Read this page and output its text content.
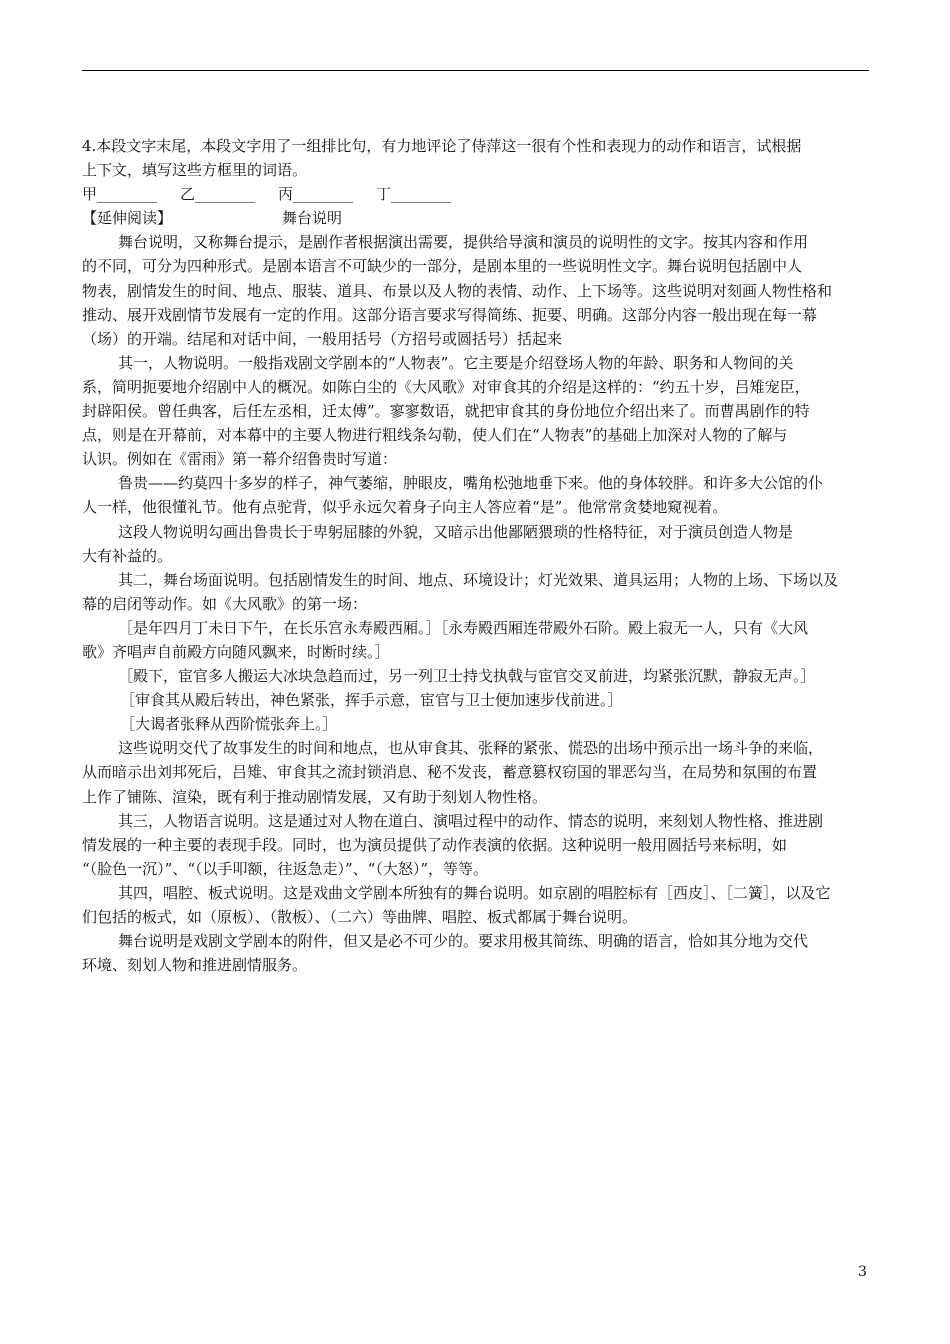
4.本段文字末尾，本段文字用了一组排比句，有力地评论了侍萍这一很有个性和表现力的动作和语言，试根据
上下文，填写这些方框里的词语。
甲________ 乙________ 丙________ 丁________
【延伸阅读】	舞台说明
舞台说明，又称舞台提示，是剧作者根据演出需要，提供给导演和演员的说明性的文字。按其内容和作用
的不同，可分为四种形式。是剧本语言不可缺少的一部分，是剧本里的一些说明性文字。舞台说明包括剧中人
物表，剧情发生的时间、地点、服装、道具、布景以及人物的表情、动作、上下场等。这些说明对刻画人物性格和
推动、展开戏剧情节发展有一定的作用。这部分语言要求写得简练、扼要、明确。这部分内容一般出现在每一幕
（场）的开端。结尾和对话中间，一般用括号（方招号或圆括号）括起来
其一，人物说明。一般指戏剧文学剧本的“人物表”。它主要是介绍登场人物的年龄、职务和人物间的关
系，简明扼要地介绍剧中人的概况。如陈白尘的《大风歌》对审食其的介绍是这样的：“约五十岁，吕雉宠臣，
封辟阳侯。曾任典客，后任左丞相，迁太傅”。寥寥数语，就把审食其的身份地位介绍出来了。而曹禺剧作的特
点，则是在开幕前，对本幕中的主要人物进行粗线条勾勒，使人们在“人物表”的基础上加深对人物的了解与
认识。例如在《雷雨》第一幕介绍鲁贵时写道：
鲁贵——约莫四十多岁的样子，神气萎缩，肿眼皮，嘴角松弛地垂下来。他的身体较胖。和许多大公馆的仆
人一样，他很懂礼节。他有点驼背，似乎永远欠着身子向主人答应着“是”。他常常贪婪地窥视着。
这段人物说明勾画出鲁贵长于卑躬屈膝的外貌，又暗示出他鄙陋猥琐的性格特征，对于演员创造人物是
大有补益的。
其二，舞台场面说明。包括剧情发生的时间、地点、环境设计；灯光效果、道具运用；人物的上场、下场以及
幕的启闭等动作。如《大风歌》的第一场：
［是年四月丁未日下午，在长乐宫永寿殿西厢。］［永寿殿西厢连带殿外石阶。殿上寂无一人，只有《大风
歌》齐唱声自前殿方向随风飘来，时断时续。］
［殿下，宦官多人搬运大冰块急趋而过，另一列卫士持戈执戟与宦官交叉前进，均紧张沉默，静寂无声。］
［审食其从殿后转出，神色紧张，挥手示意，宦官与卫士便加速步伐前进。］
［大谒者张释从西阶慌张奔上。］
这些说明交代了故事发生的时间和地点，也从审食其、张释的紧张、慌恐的出场中预示出一场斗争的来临，
从而暗示出刘邦死后，吕雉、审食其之流封锁消息、秘不发丧，蓄意篡权窃国的罪恶勾当，在局势和氛围的布置
上作了铺陈、渲染，既有利于推动剧情发展，又有助于刻划人物性格。
其三，人物语言说明。这是通过对人物在道白、演唱过程中的动作、情态的说明，来刻划人物性格、推进剧
情发展的一种主要的表现手段。同时，也为演员提供了动作表演的依据。这种说明一般用圆括号来标明，如
“（脸色一沉）”、“（以手叩额，往返急走）”、“（大怒）”，等等。
其四，唱腔、板式说明。这是戏曲文学剧本所独有的舞台说明。如京剧的唱腔标有［西皮］、［二簧］，以及它
们包括的板式，如（原板）、（散板）、（二六）等曲牌、唱腔、板式都属于舞台说明。
舞台说明是戏剧文学剧本的附件，但又是必不可少的。要求用极其简练、明确的语言，恰如其分地为交代
环境、刻划人物和推进剧情服务。
3
